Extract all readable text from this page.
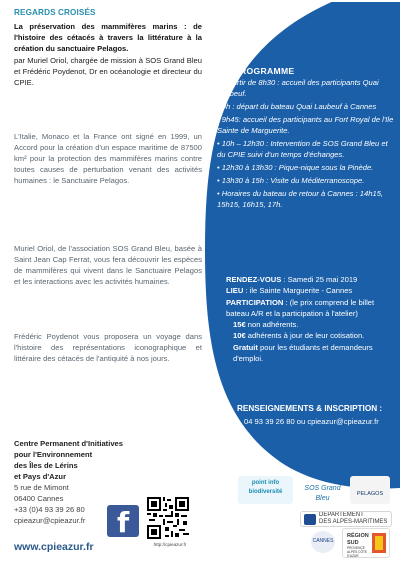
REGARDS CROISÉS

La préservation des mammifères marins : de l'histoire des cétacés à travers la littérature à la création du sanctuaire Pelagos.

par Muriel Oriol, chargée de mission à SOS Grand Bleu et Frédéric Poydenot, Dr en océanologie et directeur du CPIE.

L'Italie, Monaco et la France ont signé en 1999, un Accord pour la création d'un espace maritime de 87500 km² pour la protection des mammifères marins contre toutes causes de perturbation venant des activités humaines : le Sanctuaire Pelagos.

Muriel Oriol, de l'association SOS Grand Bleu, basée à Saint Jean Cap Ferrat, vous fera découvrir les espèces de mammifères qui vivent dans le Sanctuaire Pelagos et les interactions avec les activités humaines.

Frédéric Poydenot vous proposera un voyage dans l'histoire des représentations iconographique et littéraire des cétacés de l'antiquité à nos jours.

Centre Permanent d'Initiatives
pour l'Environnement
des Îles de Lérins
et Pays d'Azur
5 rue de Mimont
06400 Cannes
+33 (0)4 93 39 26 80
cpieazur@cpieazur.fr
www.cpieazur.fr
f
http://cpieazur.fr
PROGRAMME
• A partir de 8h30 : accueil des participants Quai Laubeuf.
• 9h : départ du bateau Quai Laubeuf à Cannes
• 9h45: accueil des participants au Fort Royal de l'Ile Sainte de Marguerite.
• 10h – 12h30 : Intervention de SOS Grand Bleu et du CPIE suivi d'un temps d'échanges.
• 12h30 à 13h30 : Pique-nique sous la Pinède.
• 13h30 à 15h : Visite du Méditerranoscope.
• Horaires du bateau de retour à Cannes : 14h15, 15h15, 16h15, 17h.

RENDEZ-VOUS : Samedi 25 mai 2019

LIEU : ile Sainte Marguerite - Cannes

PARTICIPATION : (le prix comprend le billet bateau A/R et la participation à l'atelier)

15€ non adhérents.

10€ adhérents à jour de leur cotisation.

Gratuit pour les étudiants et demandeurs d'emploi.

RENSEIGNEMENTS & INSCRIPTION :
04 93 39 26 80 ou cpieazur@cpieazur.fr
point info biodiversité	SOS Grand Bleu
PELAGOS
DÉPARTEMENT
DES ALPES-MARITIMES
CANNES
RÉGION
SUD
PROVENCE ALPES CÔTE D'AZUR
